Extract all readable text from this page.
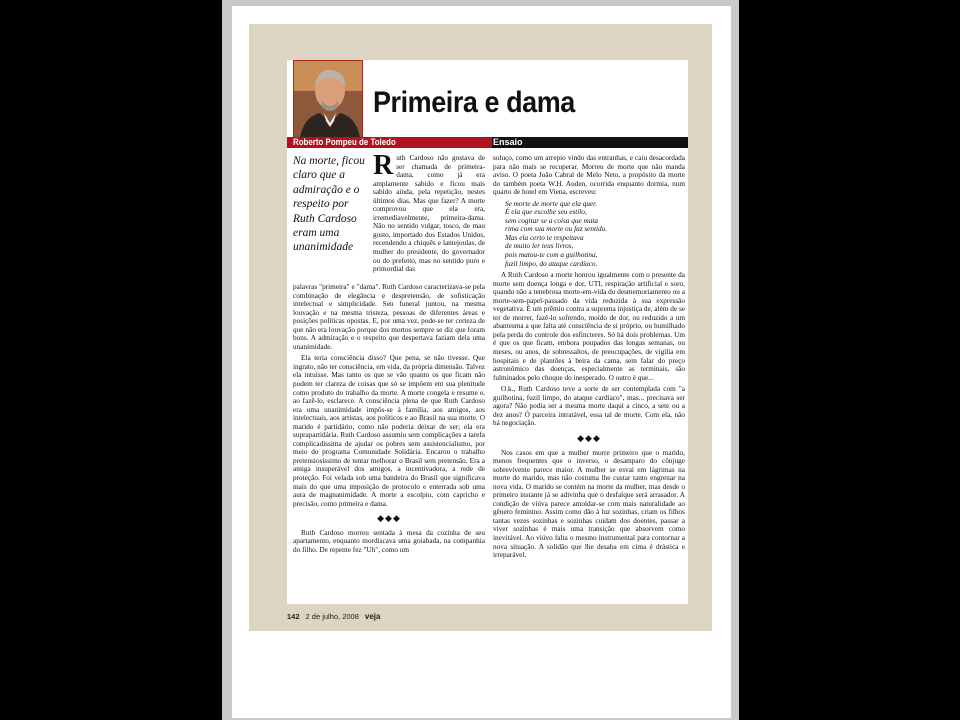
Primeira e dama
Roberto Pompeu de Toledo	Ensaio
Na morte, ficou claro que a admiração e o respeito por Ruth Cardoso eram uma unanimidade

Ruth Cardoso não gostava de ser chamada de primeira-dama, como já era amplamente sabido e ficou mais sabido ainda, pela repetição, nestes últimos dias. Mas que fazer? A morte comprovou que ela era, irremediavelmente, primeira-dama. Não no sentido vulgar, tosco, de mau gosto, importado dos Estados Unidos, recendendo a chiquês e lantejoulas, de mulher do presidente, do governador ou do prefeito, mas no sentido puro e primordial das

palavras "primeira" e "dama". Ruth Cardoso caracterizava-se pela combinação de elegância e despretensão, de sofisticação intelectual e simplicidade. Seu funeral juntou, na mesma louvação e na mesma tristeza, pessoas de diferentes áreas e posições políticas opostas. E, por uma vez, pode-se ter certeza de que não era louvação porque dos mortos sempre se diz que foram bons. A admiração e o respeito que despertava faziam dela uma unanimidade.

Ela teria consciência disso? Que pena, se não tivesse. Que ingrato, não ter consciência, em vida, da própria dimensão. Talvez ela intuísse. Mas tanto os que se vão quanto os que ficam não podem ter clareza de coisas que só se impõem em sua plenitude como produto do trabalho da morte. A morte congela e resume e, ao fazê-lo, esclarece. A consciência plena de que Ruth Cardoso era uma unanimidade impôs-se à família, aos amigos, aos intelectuais, aos artistas, aos políticos e ao Brasil na sua morte. O marido é partidário, como não poderia deixar de ser; ela era suprapartidária. Ruth Cardoso assumiu sem complicações a tarefa complicadíssima de ajudar os pobres sem assistencialismo, por meio do programa Comunidade Solidária. Encarou o trabalho pretensiosíssimo de tentar melhorar o Brasil sem pretensão. Era a amiga insuperável dos amigos, a incentivadora, a rede de proteção. Foi velada sob uma bandeira do Brasil que significava mais do que uma imposição de protocolo e enterrada sob uma aura de magnanimidade. A morte a escolpiu, com capricho e precisão, como primeira e dama.

◆◆◆

Ruth Cardoso morreu sentada à mesa da cozinha de seu apartamento, enquanto mordiscava uma goiabada, na companhia do filho. De repente fez "Uh", como um

soluço, como um arrepio vindo das entranhas, e caiu desacordada para não mais se recuperar. Morreu de morte que não manda aviso. O poeta João Cabral de Melo Neto, a propósito da morte do também poeta W.H. Auden, ocorrida enquanto dormia, num quarto de hotel em Viena, escreveu:

Se morte de morte que ela quer.
É ela que escolhe seu estilo,
sem cogitar se a coisa que mata
rima com sua morte ou faz sentido.
Mas ela certo te respeitava
de muito ler teus livros,
pois matou-te com a guilhotina,
fuzil limpo, do ataque cardíaco.

A Ruth Cardoso a morte honrou igualmente com o presente da morte sem doença longa e dor, UTI, respiração artificial e soro, quando não a tenebrosa morte-em-vida do desmemoriamento ou a morte-sem-papel-passado da vida reduzida à sua expressão vegetativa. É um prêmio contra a suprema injustiça de, além de se ter de morrer, fazê-lo sofrendo, moído de dor, ou reduzido a um abantesma a que falta até consciência de si próprio, ou humilhado pela perda do controle dos esfíncteres. Só há dois problemas. Um é que os que ficam, embora poupados das longas semanas, ou meses, ou anos, de sobressaltos, de preocupações, de vigília em hospitais e de plantões à beira da cama, sem falar do preço astronômico das doenças, especialmente as terminais, são fulminados pelo choque do inesperado. O outro é que...

O.k., Ruth Cardoso teve a sorte de ser contemplada com "a guilhotina, fuzil limpo, do ataque cardíaco", mas... precisava ser agora? Não podia ser a mesma morte daqui a cinco, a sete ou a dez anos? Ó parceira intratável, essa tal de morte. Com ela, não há negociação.

◆◆◆

Nos casos em que a mulher morre primeiro que o marido, menos frequentes que o inverso, o desamparo do cônjuge sobrevivente parece maior. A mulher se esvai em lágrimas na morte do marido, mas não costuma lhe custar tanto engrenar na nova vida. O marido se contém na morte da mulher, mas desde o primeiro instante já se adivinha que o desfalque será arrasador. A condição de viúva parece amoldar-se com mais naturalidade ao gênero feminino. Assim como dão à luz sozinhas, criam os filhos tantas vezes sozinhas e sozinhas cuidam dos doentes, passar a viver sozinhas é mais uma transição que absorvem como inevitável. Ao viúvo falta o mesmo instrumental para contornar a nova situação. A solidão que lhe desaba em cima é drástica e irreparável.

142 2 de julho, 2008 veja
